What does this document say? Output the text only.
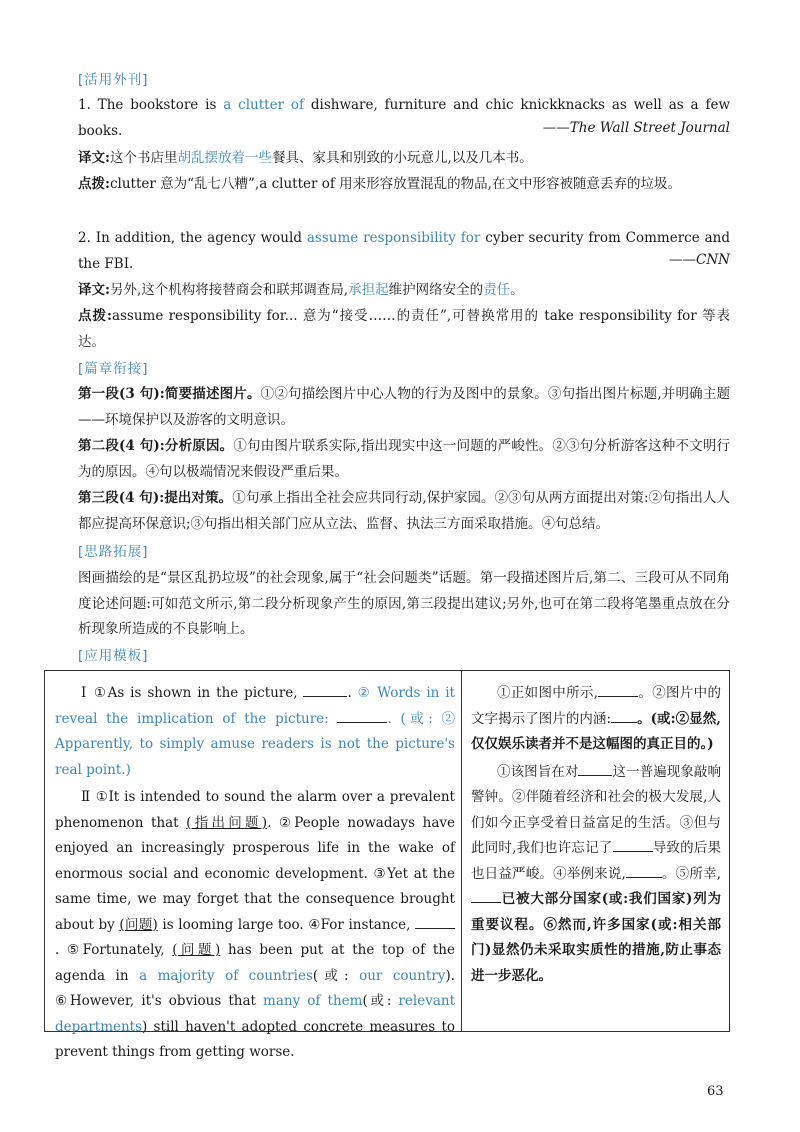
[活用外刊]
1. The bookstore is a clutter of dishware, furniture and chic knickknacks as well as a few books.	——The Wall Street Journal
译文:这个书店里胡乱摆放着一些餐具、家具和别致的小玩意儿,以及几本书。
点拨:clutter 意为“乱七八糟”,a clutter of 用来形容放置混乱的物品,在文中形容被随意丢弃的垃圾。
2. In addition, the agency would assume responsibility for cyber security from Commerce and the FBI.	——CNN
译文:另外,这个机构将接替商会和联邦调查局,承担起维护网络安全的责任。
点拨:assume responsibility for... 意为“接受……的责任”,可替换常用的 take responsibility for 等表达。
[篇章衔接]
第一段(3 句):简要描述图片。①②句描绘图片中心人物的行为及图中的景象。③句指出图片标题,并明确主题——环境保护以及游客的文明意识。
第二段(4 句):分析原因。①句由图片联系实际,指出现实中这一问题的严峻性。②③句分析游客这种不文明行为的原因。④句以极端情况来假设严重后果。
第三段(4 句):提出对策。①句承上指出全社会应共同行动,保护家园。②③句从两方面提出对策:②句指出人人都应提高环保意识;③句指出相关部门应从立法、监督、执法三方面采取措施。④句总结。
[思路拓展]
图画描绘的是“景区乱扔垃圾”的社会现象,属于“社会问题类”话题。第一段描述图片后,第二、三段可从不同角度论述问题:可如范文所示,第二段分析现象产生的原因,第三段提出建议;另外,也可在第二段将笔墨重点放在分析现象所造成的不良影响上。
[应用模板]

Ⅰ ①As is shown in the picture,	. ② Words in it reveal the implication of the picture:	. (或: ② Apparently, to simply amuse readers is not the picture's real point.)

Ⅱ ①It is intended to sound the alarm over a prevalent phenomenon that (指出问题). ②People nowadays have enjoyed an increasingly prosperous life in the wake of enormous social and economic development. ③Yet at the same time, we may forget that the consequence brought about by (问题) is looming large too. ④For instance, . ⑤Fortunately, (问题) has been put at the top of the agenda in a majority of countries(或: our country). ⑥However, it's obvious that many of them(或: relevant departments) still haven't adopted concrete measures to prevent things from getting worse.

①正如图中所示,	。②图片中的文字揭示了图片的内涵: 。(或:②显然,仅仅娱乐读者并不是这幅图的真正目的。)

①该图旨在对	这一普遍现象敲响警钟。②伴随着经济和社会的极大发展,人们如今正享受着日益富足的生活。③但与此同时,我们也许忘记了	导致的后果也日益严峻。④举例来说,	。⑤所幸,已被大部分国家(或:我们国家)列为重要议程。⑥然而,许多国家(或:相关部门)显然仍未采取实质性的措施,防止事态进一步恶化。

63
